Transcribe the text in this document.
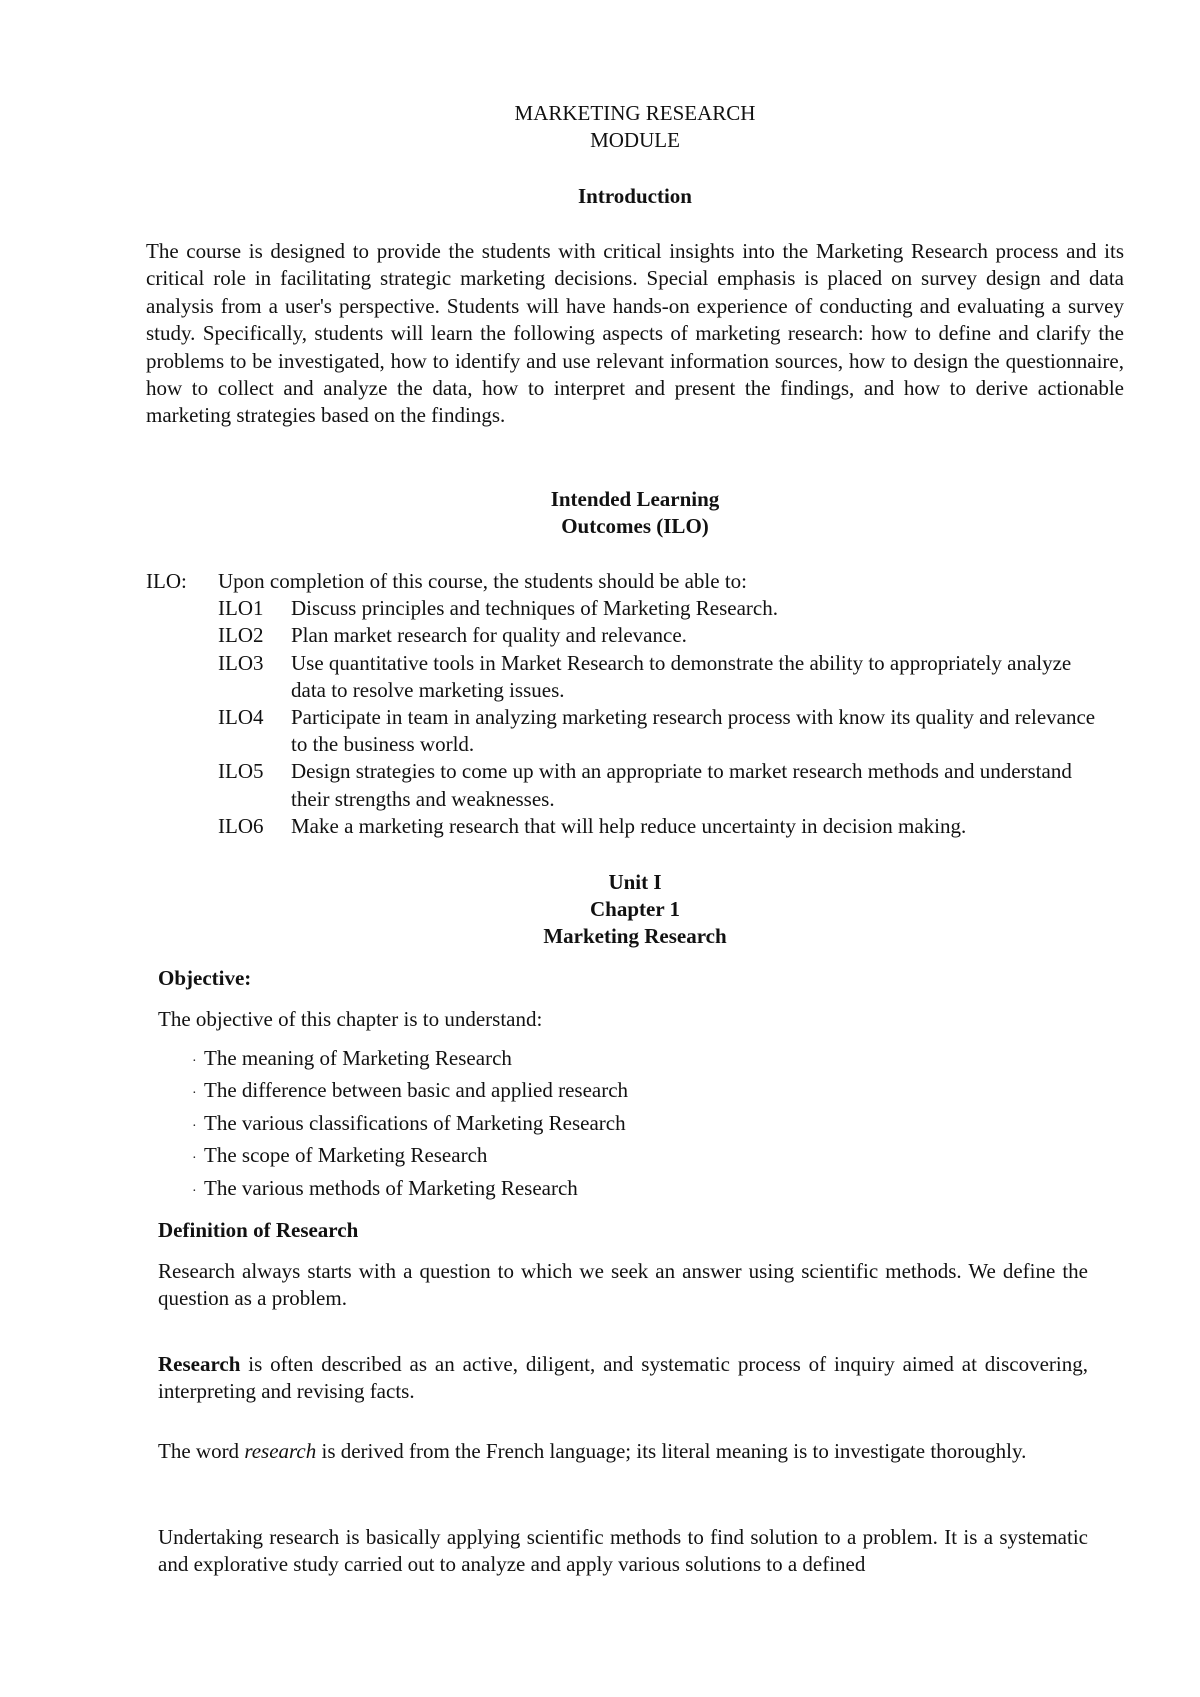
MARKETING RESEARCH
MODULE
Introduction
The course is designed to provide the students with critical insights into the Marketing Research process and its critical role in facilitating strategic marketing decisions. Special emphasis is placed on survey design and data analysis from a user's perspective. Students will have hands-on experience of conducting and evaluating a survey study. Specifically, students will learn the following aspects of marketing research: how to define and clarify the problems to be investigated, how to identify and use relevant information sources, how to design the questionnaire, how to collect and analyze the data, how to interpret and present the findings, and how to derive actionable marketing strategies based on the findings.
Intended Learning
Outcomes (ILO)
ILO: Upon completion of this course, the students should be able to:
ILO1 Discuss principles and techniques of Marketing Research.
ILO2 Plan market research for quality and relevance.
ILO3 Use quantitative tools in Market Research to demonstrate the ability to appropriately analyze data to resolve marketing issues.
ILO4 Participate in team in analyzing marketing research process with know its quality and relevance to the business world.
ILO5 Design strategies to come up with an appropriate to market research methods and understand their strengths and weaknesses.
ILO6 Make a marketing research that will help reduce uncertainty in decision making.
Unit I
Chapter 1
Marketing Research
Objective:
The objective of this chapter is to understand:
· The meaning of Marketing Research
· The difference between basic and applied research
· The various classifications of Marketing Research
· The scope of Marketing Research
· The various methods of Marketing Research
Definition of Research
Research always starts with a question to which we seek an answer using scientific methods. We define the question as a problem.
Research is often described as an active, diligent, and systematic process of inquiry aimed at discovering, interpreting and revising facts.
The word research is derived from the French language; its literal meaning is to investigate thoroughly.
Undertaking research is basically applying scientific methods to find solution to a problem. It is a systematic and explorative study carried out to analyze and apply various solutions to a defined
